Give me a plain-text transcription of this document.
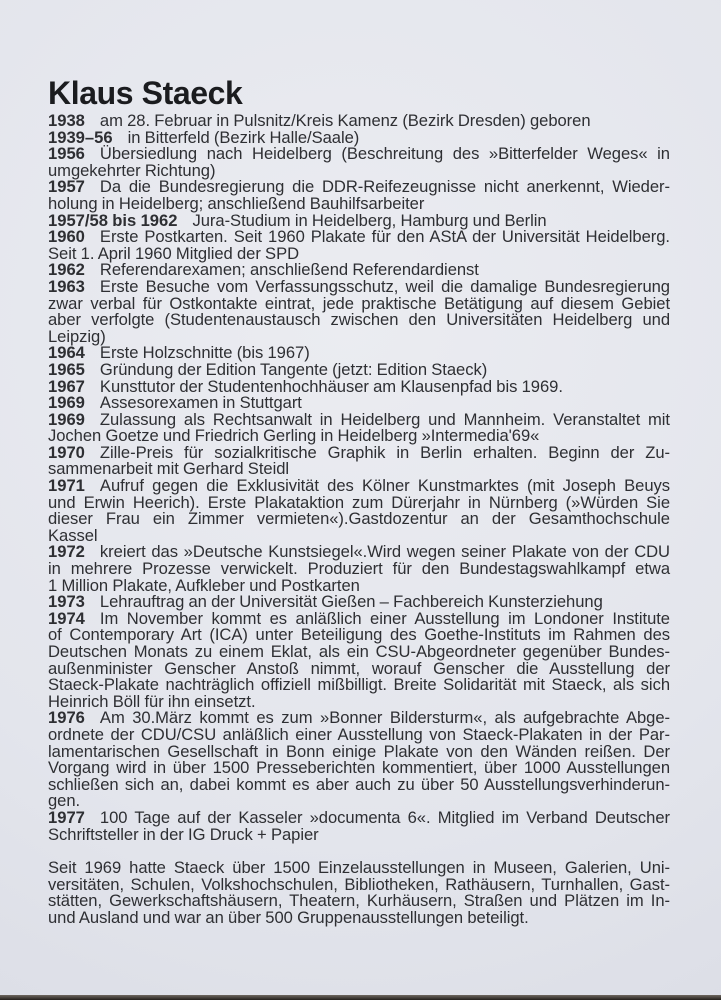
Klaus Staeck
1938 am 28. Februar in Pulsnitz/Kreis Kamenz (Bezirk Dresden) geboren
1939–56 in Bitterfeld (Bezirk Halle/Saale)
1956 Übersiedlung nach Heidelberg (Beschreitung des »Bitterfelder Weges« in
umgekehrter Richtung)
1957 Da die Bundesregierung die DDR-Reifezeugnisse nicht anerkennt, Wieder-
holung in Heidelberg; anschließend Bauhilfsarbeiter
1957/58 bis 1962 Jura-Studium in Heidelberg, Hamburg und Berlin
1960 Erste Postkarten. Seit 1960 Plakate für den AStA der Universität Heidelberg.
Seit 1. April 1960 Mitglied der SPD
1962 Referendarexamen; anschließend Referendardienst
1963 Erste Besuche vom Verfassungsschutz, weil die damalige Bundesregierung
zwar verbal für Ostkontakte eintrat, jede praktische Betätigung auf diesem Gebiet
aber verfolgte (Studentenaustausch zwischen den Universitäten Heidelberg und
Leipzig)
1964 Erste Holzschnitte (bis 1967)
1965 Gründung der Edition Tangente (jetzt: Edition Staeck)
1967 Kunsttutor der Studentenhochhäuser am Klausenpfad bis 1969.
1969 Assesorexamen in Stuttgart
1969 Zulassung als Rechtsanwalt in Heidelberg und Mannheim. Veranstaltet mit
Jochen Goetze und Friedrich Gerling in Heidelberg »Intermedia'69«
1970 Zille-Preis für sozialkritische Graphik in Berlin erhalten. Beginn der Zu-
sammenarbeit mit Gerhard Steidl
1971 Aufruf gegen die Exklusivität des Kölner Kunstmarktes (mit Joseph Beuys
und Erwin Heerich). Erste Plakataktion zum Dürerjahr in Nürnberg (»Würden Sie
dieser Frau ein Zimmer vermieten«).Gastdozentur an der Gesamthochschule
Kassel
1972 kreiert das »Deutsche Kunstsiegel«.Wird wegen seiner Plakate von der CDU
in mehrere Prozesse verwickelt. Produziert für den Bundestagswahlkampf etwa
1 Million Plakate, Aufkleber und Postkarten
1973 Lehrauftrag an der Universität Gießen – Fachbereich Kunsterziehung
1974 Im November kommt es anläßlich einer Ausstellung im Londoner Institute
of Contemporary Art (ICA) unter Beteiligung des Goethe-Instituts im Rahmen des
Deutschen Monats zu einem Eklat, als ein CSU-Abgeordneter gegenüber Bundes-
außenminister Genscher Anstoß nimmt, worauf Genscher die Ausstellung der
Staeck-Plakate nachträglich offiziell mißbilligt. Breite Solidarität mit Staeck, als sich
Heinrich Böll für ihn einsetzt.
1976 Am 30.März kommt es zum »Bonner Bildersturm«, als aufgebrachte Abge-
ordnete der CDU/CSU anläßlich einer Ausstellung von Staeck-Plakaten in der Par-
lamentarischen Gesellschaft in Bonn einige Plakate von den Wänden reißen. Der
Vorgang wird in über 1500 Presseberichten kommentiert, über 1000 Ausstellungen
schließen sich an, dabei kommt es aber auch zu über 50 Ausstellungsverhinderun-
gen.
1977 100 Tage auf der Kasseler »documenta 6«. Mitglied im Verband Deutscher
Schriftsteller in der IG Druck + Papier
Seit 1969 hatte Staeck über 1500 Einzelausstellungen in Museen, Galerien, Uni-
versitäten, Schulen, Volkshochschulen, Bibliotheken, Rathäusern, Turnhallen, Gast-
stätten, Gewerkschaftshäusern, Theatern, Kurhäusern, Straßen und Plätzen im In-
und Ausland und war an über 500 Gruppenausstellungen beteiligt.
